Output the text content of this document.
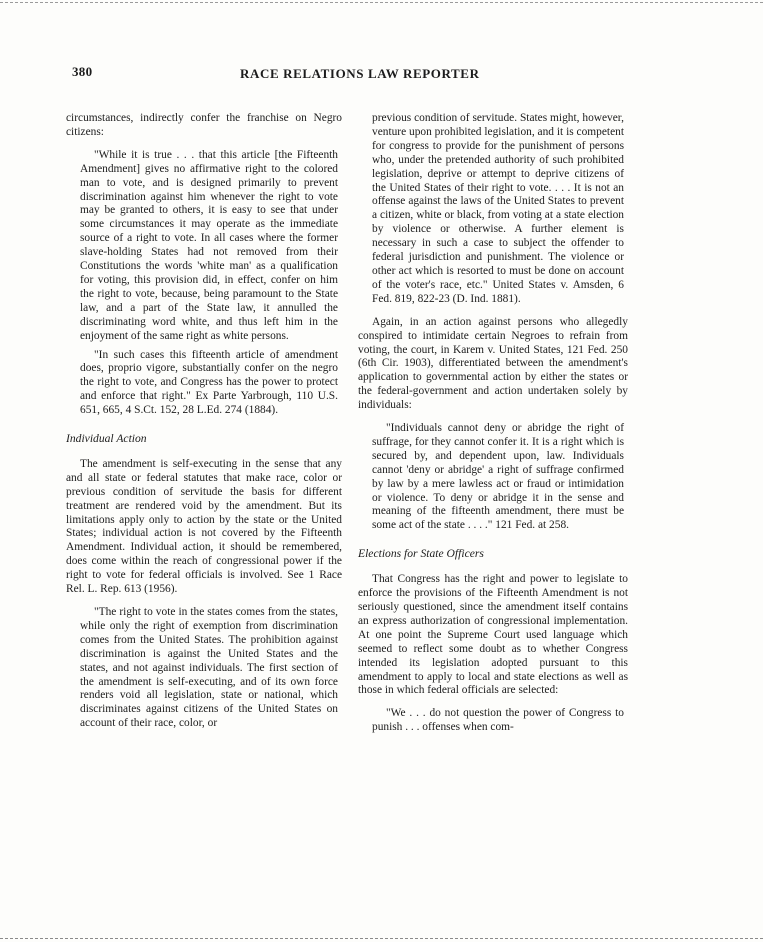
380	RACE RELATIONS LAW REPORTER

circumstances, indirectly confer the franchise on Negro citizens:

"While it is true . . . that this article [the Fifteenth Amendment] gives no affirmative right to the colored man to vote, and is designed primarily to prevent discrimination against him whenever the right to vote may be granted to others, it is easy to see that under some circumstances it may operate as the immediate source of a right to vote. In all cases where the former slave-holding States had not removed from their Constitutions the words 'white man' as a qualification for voting, this provision did, in effect, confer on him the right to vote, because, being paramount to the State law, and a part of the State law, it annulled the discriminating word white, and thus left him in the enjoyment of the same right as white persons.

"In such cases this fifteenth article of amendment does, proprio vigore, substantially confer on the negro the right to vote, and Congress has the power to protect and enforce that right." Ex Parte Yarbrough, 110 U.S. 651, 665, 4 S.Ct. 152, 28 L.Ed. 274 (1884).

Individual Action

The amendment is self-executing in the sense that any and all state or federal statutes that make race, color or previous condition of servitude the basis for different treatment are rendered void by the amendment. But its limitations apply only to action by the state or the United States; individual action is not covered by the Fifteenth Amendment. Individual action, it should be remembered, does come within the reach of congressional power if the right to vote for federal officials is involved. See 1 Race Rel. L. Rep. 613 (1956).

"The right to vote in the states comes from the states, while only the right of exemption from discrimination comes from the United States. The prohibition against discrimination is against the United States and the states, and not against individuals. The first section of the amendment is self-executing, and of its own force renders void all legislation, state or national, which discriminates against citizens of the United States on account of their race, color, or

previous condition of servitude. States might, however, venture upon prohibited legislation, and it is competent for congress to provide for the punishment of persons who, under the pretended authority of such prohibited legislation, deprive or attempt to deprive citizens of the United States of their right to vote. . . . It is not an offense against the laws of the United States to prevent a citizen, white or black, from voting at a state election by violence or otherwise. A further element is necessary in such a case to subject the offender to federal jurisdiction and punishment. The violence or other act which is resorted to must be done on account of the voter's race, etc." United States v. Amsden, 6 Fed. 819, 822-23 (D. Ind. 1881).

Again, in an action against persons who allegedly conspired to intimidate certain Negroes to refrain from voting, the court, in Karem v. United States, 121 Fed. 250 (6th Cir. 1903), differentiated between the amendment's application to governmental action by either the states or the federal-government and action undertaken solely by individuals:

"Individuals cannot deny or abridge the right of suffrage, for they cannot confer it. It is a right which is secured by, and dependent upon, law. Individuals cannot 'deny or abridge' a right of suffrage confirmed by law by a mere lawless act or fraud or intimidation or violence. To deny or abridge it in the sense and meaning of the fifteenth amendment, there must be some act of the state . . . ." 121 Fed. at 258.

Elections for State Officers

That Congress has the right and power to legislate to enforce the provisions of the Fifteenth Amendment is not seriously questioned, since the amendment itself contains an express authorization of congressional implementation. At one point the Supreme Court used language which seemed to reflect some doubt as to whether Congress intended its legislation adopted pursuant to this amendment to apply to local and state elections as well as those in which federal officials are selected:

"We . . . do not question the power of Congress to punish . . . offenses when com-
